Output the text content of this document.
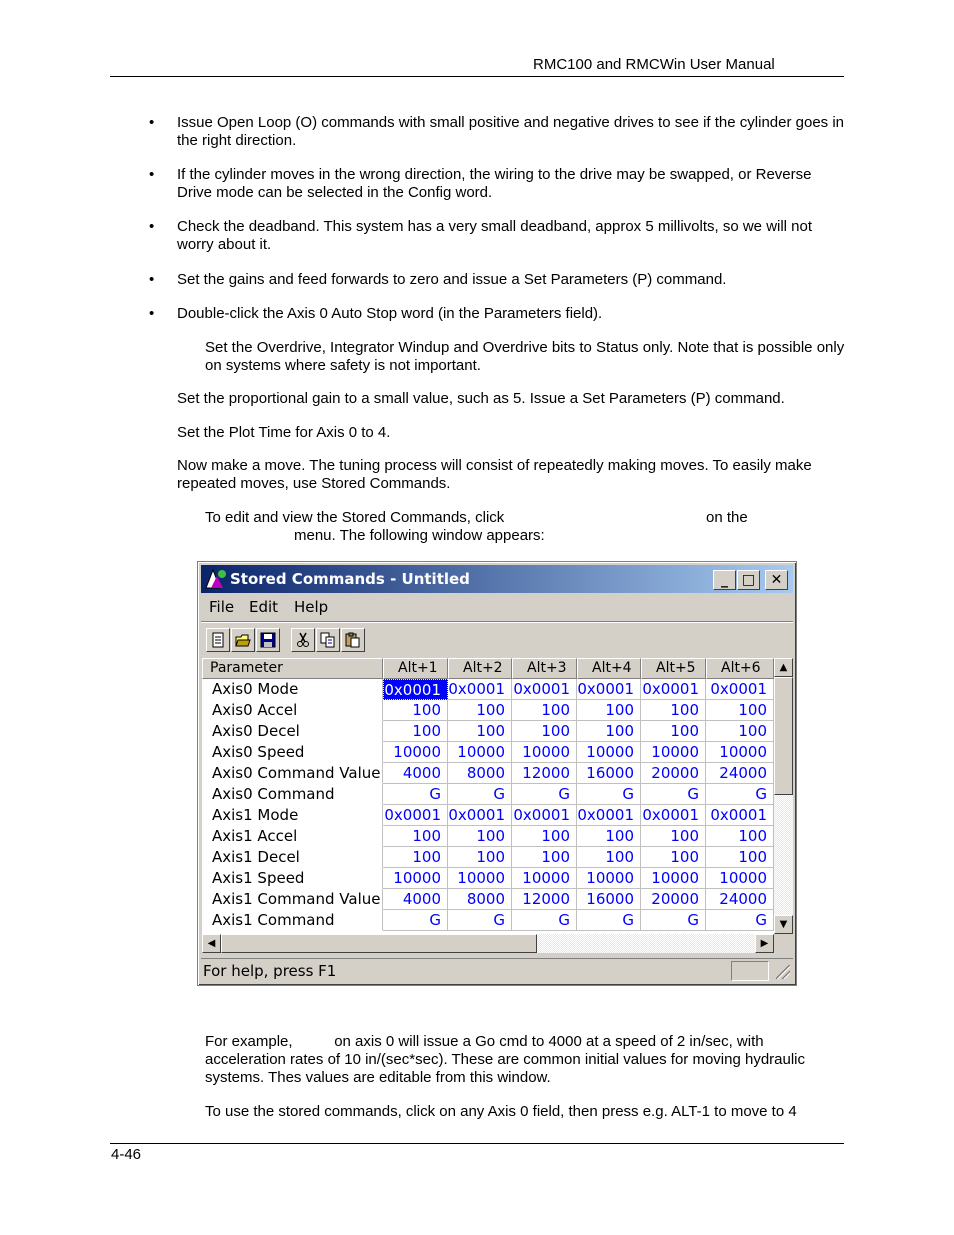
RMC100 and RMCWin User Manual
• Issue Open Loop (O) commands with small positive and negative drives to see if the cylinder goes in the right direction.
• If the cylinder moves in the wrong direction, the wiring to the drive may be swapped, or Reverse Drive mode can be selected in the Config word.
• Check the deadband. This system has a very small deadband, approx 5 millivolts, so we will not worry about it.
• Set the gains and feed forwards to zero and issue a Set Parameters (P) command.
• Double-click the Axis 0 Auto Stop word (in the Parameters field).

Set the Overdrive, Integrator Windup and Overdrive bits to Status only. Note that is possible only on systems where safety is not important.

Set the proportional gain to a small value, such as 5. Issue a Set Parameters (P) command.

Set the Plot Time for Axis 0 to 4.

Now make a move. The tuning process will consist of repeatedly making moves. To easily make repeated moves, use Stored Commands.

To edit and view the Stored Commands, click	on the

menu. The following window appears:

Stored Commands - Untitled	_ □	✕
File Edit Help
Parameter	Alt+1	Alt+2	Alt+3	Alt+4	Alt+5	Alt+6
Axis0 Mode	0x0001 0x0001 0x0001 0x0001 0x0001 0x0001
Axis0 Accel	100	100	100	100	100	100
Axis0 Decel	100	100	100	100	100	100
Axis0 Speed	10000	10000	10000	10000	10000	10000
Axis0 Command Value	4000	8000	12000	16000	20000	24000
Axis0 Command	G	G	G	G	G	G
Axis1 Mode	0x0001 0x0001 0x0001 0x0001 0x0001 0x0001
Axis1 Accel	100	100	100	100	100	100
Axis1 Decel	100	100	100	100	100	100
Axis1 Speed	10000	10000	10000	10000	10000	10000
Axis1 Command Value	4000	8000	12000	16000	20000	24000
Axis1 Command	G	G	G	G	G	G
▲
▼
◀	▶
For help, press F1

For example,          on axis 0 will issue a Go cmd to 4000 at a speed of 2 in/sec, with acceleration rates of 10 in/(sec*sec). These are common initial values for moving hydraulic systems. Thes values are editable from this window.

To use the stored commands, click on any Axis 0 field, then press e.g. ALT-1 to move to 4

4-46
